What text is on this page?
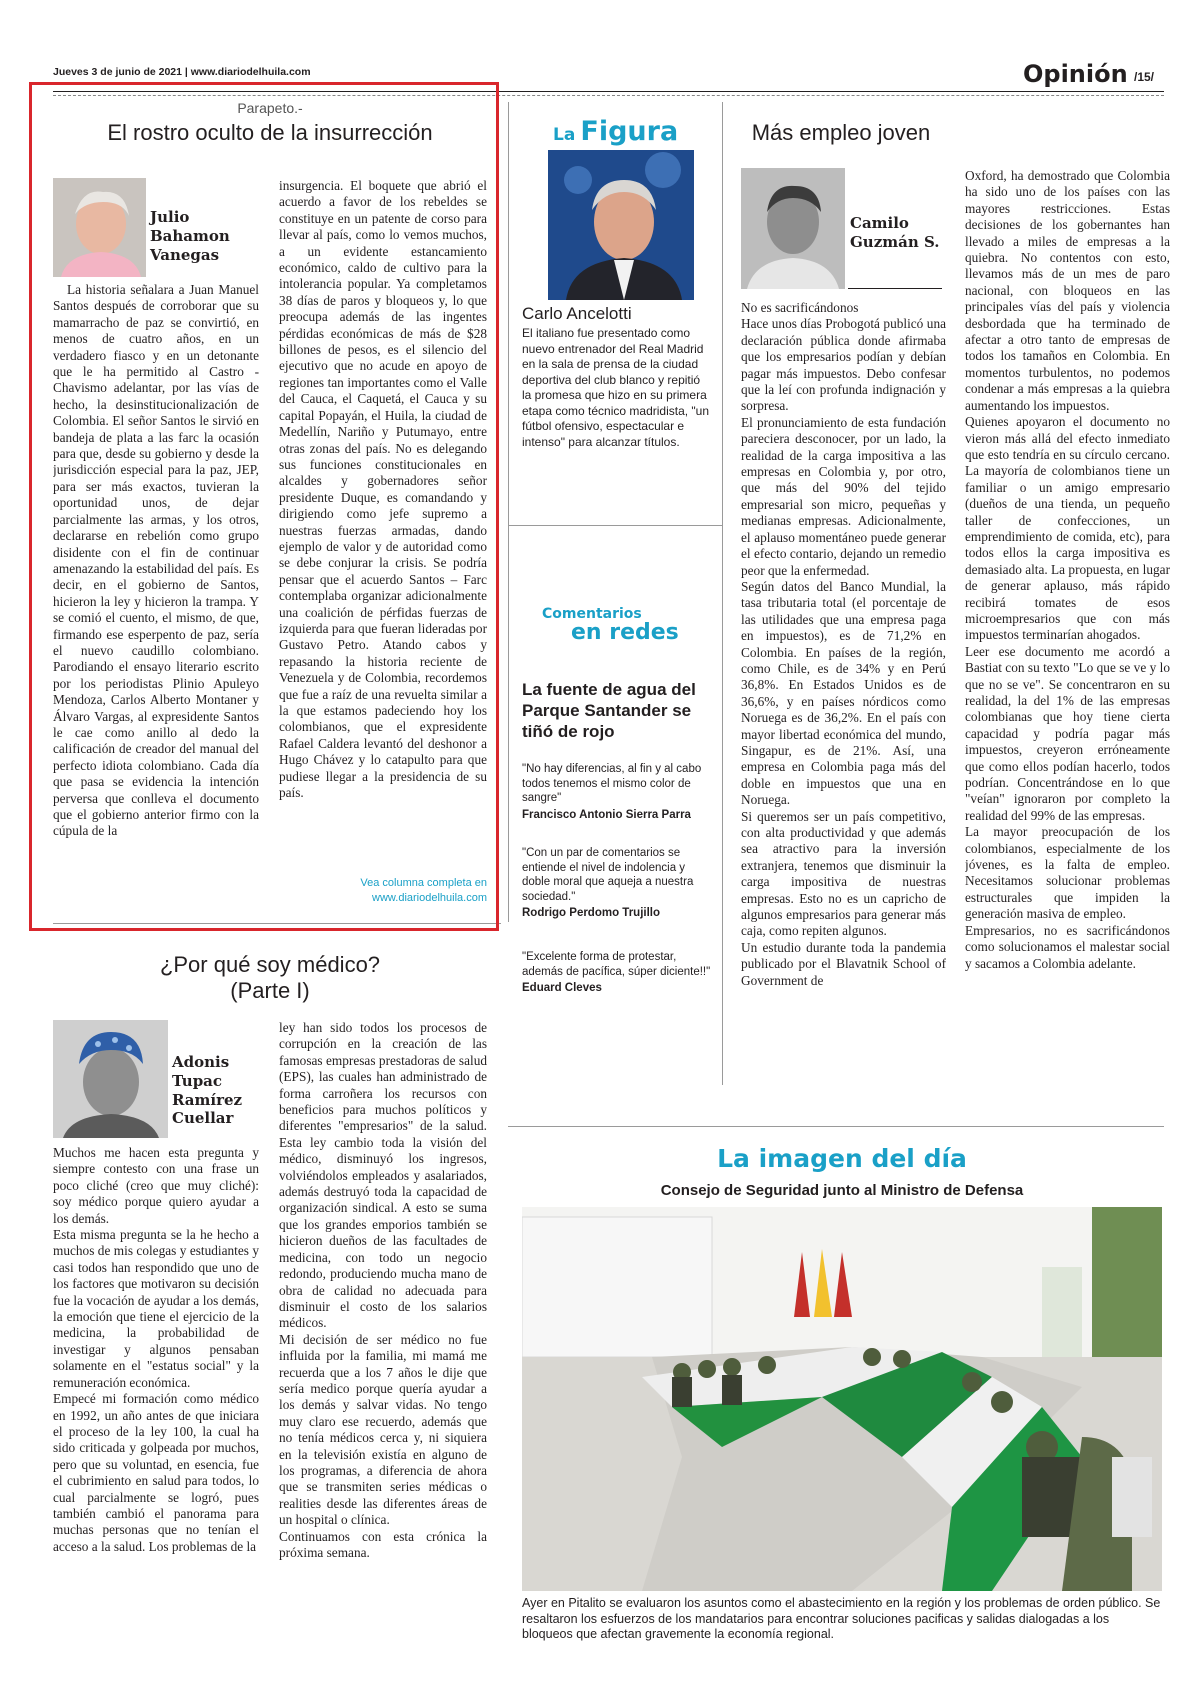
Jueves 3 de junio de 2021 | www.diariodelhuila.com	Opinión /15/
Parapeto.-
El rostro oculto de la insurrección
Julio
Bahamon
Vanegas

La historia señalara a Juan Manuel Santos después de corroborar que su mamarracho de paz se convirtió, en menos de cuatro años, en un verdadero fiasco y en un detonante que le ha permitido al Castro -Chavismo adelantar, por las vías de hecho, la desinstitucionalización de Colombia. El señor Santos le sirvió en bandeja de plata a las farc la ocasión para que, desde su gobierno y desde la jurisdicción especial para la paz, JEP, para ser más exactos, tuvieran la oportunidad unos, de dejar parcialmente las armas, y los otros, declararse en rebelión como grupo disidente con el fin de continuar amenazando la estabilidad del país. Es decir, en el gobierno de Santos, hicieron la ley y hicieron la trampa. Y se comió el cuento, el mismo, de que, firmando ese esperpento de paz, sería el nuevo caudillo colombiano. Parodiando el ensayo literario escrito por los periodistas Plinio Apuleyo Mendoza, Carlos Alberto Montaner y Álvaro Vargas, al expresidente Santos le cae como anillo al dedo la calificación de creador del manual del perfecto idiota colombiano. Cada día que pasa se evidencia la intención perversa que conlleva el documento que el gobierno anterior firmo con la cúpula de la

insurgencia. El boquete que abrió el acuerdo a favor de los rebeldes se constituye en un patente de corso para llevar al país, como lo vemos muchos, a un evidente estancamiento económico, caldo de cultivo para la intolerancia popular. Ya completamos 38 días de paros y bloqueos y, lo que preocupa además de las ingentes pérdidas económicas de más de $28 billones de pesos, es el silencio del ejecutivo que no acude en apoyo de regiones tan importantes como el Valle del Cauca, el Caquetá, el Cauca y su capital Popayán, el Huila, la ciudad de Medellín, Nariño y Putumayo, entre otras zonas del país. No es delegando sus funciones constitucionales en alcaldes y gobernadores señor presidente Duque, es comandando y dirigiendo como jefe supremo a nuestras fuerzas armadas, dando ejemplo de valor y de autoridad como se debe conjurar la crisis. Se podría pensar que el acuerdo Santos – Farc contemplaba organizar adicionalmente una coalición de pérfidas fuerzas de izquierda para que fueran lideradas por Gustavo Petro. Atando cabos y repasando la historia reciente de Venezuela y de Colombia, recordemos que fue a raíz de una revuelta similar a la que estamos padeciendo hoy los colombianos, que el expresidente Rafael Caldera levantó del deshonor a Hugo Chávez y lo catapulto para que pudiese llegar a la presidencia de su país.

Vea columna completa en
www.diariodelhuila.com
La Figura
Carlo Ancelotti
El italiano fue presentado como nuevo entrenador del Real Madrid en la sala de prensa de la ciudad deportiva del club blanco y repitió la promesa que hizo en su primera etapa como técnico madridista, "un fútbol ofensivo, espectacular e intenso" para alcanzar títulos.
Comentarios
en redes
La fuente de agua del Parque Santander se tiñó de rojo
"No hay diferencias, al fin y al cabo todos tenemos el mismo color de sangre"
Francisco Antonio Sierra Parra
"Con un par de comentarios se entiende el nivel de indolencia y doble moral que aqueja a nuestra sociedad."
Rodrigo Perdomo Trujillo
"Excelente forma de protestar, además de pacífica, súper diciente!!"
Eduard Cleves
Más empleo joven
Camilo
Guzmán S.
No es sacrificándonos
Hace unos días Probogotá publicó una declaración pública donde afirmaba que los empresarios podían y debían pagar más impuestos. Debo confesar que la leí con profunda indignación y sorpresa.
El pronunciamiento de esta fundación pareciera desconocer, por un lado, la realidad de la carga impositiva a las empresas en Colombia y, por otro, que más del 90% del tejido empresarial son micro, pequeñas y medianas empresas. Adicionalmente, el aplauso momentáneo puede generar el efecto contario, dejando un remedio peor que la enfermedad.
Según datos del Banco Mundial, la tasa tributaria total (el porcentaje de las utilidades que una empresa paga en impuestos), es de 71,2% en Colombia. En países de la región, como Chile, es de 34% y en Perú 36,8%. En Estados Unidos es de 36,6%, y en países nórdicos como Noruega es de 36,2%. En el país con mayor libertad económica del mundo, Singapur, es de 21%. Así, una empresa en Colombia paga más del doble en impuestos que una en Noruega.
Si queremos ser un país competitivo, con alta productividad y que además sea atractivo para la inversión extranjera, tenemos que disminuir la carga impositiva de nuestras empresas. Esto no es un capricho de algunos empresarios para generar más caja, como repiten algunos.
Un estudio durante toda la pandemia publicado por el Blavatnik School of Government de
Oxford, ha demostrado que Colombia ha sido uno de los países con las mayores restricciones. Estas decisiones de los gobernantes han llevado a miles de empresas a la quiebra. No contentos con esto, llevamos más de un mes de paro nacional, con bloqueos en las principales vías del país y violencia desbordada que ha terminado de afectar a otro tanto de empresas de todos los tamaños en Colombia. En momentos turbulentos, no podemos condenar a más empresas a la quiebra aumentando los impuestos.
Quienes apoyaron el documento no vieron más allá del efecto inmediato que esto tendría en su círculo cercano. La mayoría de colombianos tiene un familiar o un amigo empresario (dueños de una tienda, un pequeño taller de confecciones, un emprendimiento de comida, etc), para todos ellos la carga impositiva es demasiado alta. La propuesta, en lugar de generar aplauso, más rápido recibirá tomates de esos microempresarios que con más impuestos terminarían ahogados.
Leer ese documento me acordó a Bastiat con su texto "Lo que se ve y lo que no se ve". Se concentraron en su realidad, la del 1% de las empresas colombianas que hoy tiene cierta capacidad y podría pagar más impuestos, creyeron erróneamente que como ellos podían hacerlo, todos podrían. Concentrándose en lo que "veían" ignoraron por completo la realidad del 99% de las empresas.
La mayor preocupación de los colombianos, especialmente de los jóvenes, es la falta de empleo. Necesitamos solucionar problemas estructurales que impiden la generación masiva de empleo.
Empresarios, no es sacrificándonos como solucionamos el malestar social y sacamos a Colombia adelante.
¿Por qué soy médico?
(Parte I)
Adonis
Tupac
Ramírez
Cuellar
Muchos me hacen esta pregunta y siempre contesto con una frase un poco cliché (creo que muy cliché): soy médico porque quiero ayudar a los demás.
Esta misma pregunta se la he hecho a muchos de mis colegas y estudiantes y casi todos han respondido que uno de los factores que motivaron su decisión fue la vocación de ayudar a los demás, la emoción que tiene el ejercicio de la medicina, la probabilidad de investigar y algunos pensaban solamente en el "estatus social" y la remuneración económica.
Empecé mi formación como médico en 1992, un año antes de que iniciara el proceso de la ley 100, la cual ha sido criticada y golpeada por muchos, pero que su voluntad, en esencia, fue el cubrimiento en salud para todos, lo cual parcialmente se logró, pues también cambió el panorama para muchas personas que no tenían el acceso a la salud. Los problemas de la
ley han sido todos los procesos de corrupción en la creación de las famosas empresas prestadoras de salud (EPS), las cuales han administrado de forma carroñera los recursos con beneficios para muchos políticos y diferentes "empresarios" de la salud. Esta ley cambio toda la visión del médico, disminuyó los ingresos, volviéndolos empleados y asalariados, además destruyó toda la capacidad de organización sindical. A esto se suma que los grandes emporios también se hicieron dueños de las facultades de medicina, con todo un negocio redondo, produciendo mucha mano de obra de calidad no adecuada para disminuir el costo de los salarios médicos.
Mi decisión de ser médico no fue influida por la familia, mi mamá me recuerda que a los 7 años le dije que sería medico porque quería ayudar a los demás y salvar vidas. No tengo muy claro ese recuerdo, además que no tenía médicos cerca y, ni siquiera en la televisión existía en alguno de los programas, a diferencia de ahora que se transmiten series médicas o realities desde las diferentes áreas de un hospital o clínica.
Continuamos con esta crónica la próxima semana.
La imagen del día
Consejo de Seguridad junto al Ministro de Defensa
Ayer en Pitalito se evaluaron los asuntos como el abastecimiento en la región y los problemas de orden público. Se resaltaron los esfuerzos de los mandatarios para encontrar soluciones pacificas y salidas dialogadas a los bloqueos que afectan gravemente la economía regional.
